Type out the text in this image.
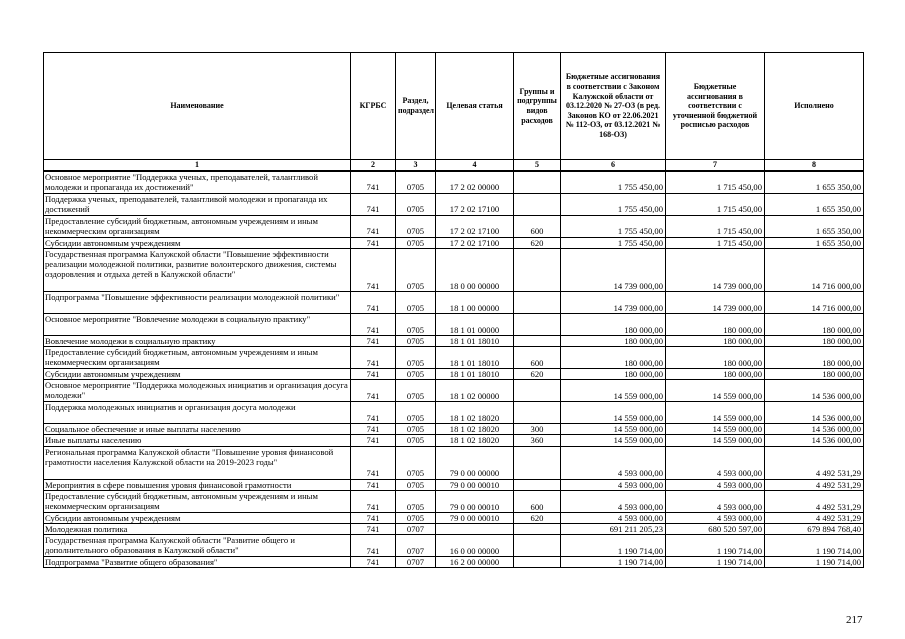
Наименование	КГРБС	Раздел, подраздел	Целевая статья	Группы и подгруппы видов расходов	Бюджетные ассигнования в соответствии с Законом Калужской области от 03.12.2020 № 27-ОЗ (в ред. Законов КО от 22.06.2021 № 112-ОЗ, от 03.12.2021 № 168-ОЗ)	Бюджетные ассигнования в соответствии с уточненной бюджетной росписью расходов	Исполнено
1	2	3	4	5	6	7	8
Основное мероприятие "Поддержка ученых, преподавателей, талантливой молодежи и пропаганда их достижений"	741	0705	17 2 02 00000		1 755 450,00	1 715 450,00	1 655 350,00
Поддержка ученых, преподавателей, талантливой молодежи и пропаганда их достижений	741	0705	17 2 02 17100		1 755 450,00	1 715 450,00	1 655 350,00
Предоставление субсидий бюджетным, автономным учреждениям и иным некоммерческим организациям	741	0705	17 2 02 17100	600	1 755 450,00	1 715 450,00	1 655 350,00
Субсидии автономным учреждениям	741	0705	17 2 02 17100	620	1 755 450,00	1 715 450,00	1 655 350,00
Государственная программа Калужской области "Повышение эффективности реализации молодежной политики, развитие волонтерского движения, системы оздоровления и отдыха детей в Калужской области"	741	0705	18 0 00 00000		14 739 000,00	14 739 000,00	14 716 000,00
Подпрограмма "Повышение эффективности реализации молодежной политики"	741	0705	18 1 00 00000		14 739 000,00	14 739 000,00	14 716 000,00
Основное мероприятие "Вовлечение молодежи в социальную практику"	741	0705	18 1 01 00000		180 000,00	180 000,00	180 000,00
Вовлечение молодежи в социальную практику	741	0705	18 1 01 18010		180 000,00	180 000,00	180 000,00
Предоставление субсидий бюджетным, автономным учреждениям и иным некоммерческим организациям	741	0705	18 1 01 18010	600	180 000,00	180 000,00	180 000,00
Субсидии автономным учреждениям	741	0705	18 1 01 18010	620	180 000,00	180 000,00	180 000,00
Основное мероприятие "Поддержка молодежных инициатив и организация досуга молодежи"	741	0705	18 1 02 00000		14 559 000,00	14 559 000,00	14 536 000,00
Поддержка молодежных инициатив и организация досуга молодежи	741	0705	18 1 02 18020		14 559 000,00	14 559 000,00	14 536 000,00
Социальное обеспечение и иные выплаты населению	741	0705	18 1 02 18020	300	14 559 000,00	14 559 000,00	14 536 000,00
Иные выплаты населению	741	0705	18 1 02 18020	360	14 559 000,00	14 559 000,00	14 536 000,00
Региональная программа Калужской области "Повышение уровня финансовой грамотности населения Калужской области на 2019-2023 годы"	741	0705	79 0 00 00000		4 593 000,00	4 593 000,00	4 492 531,29
Мероприятия в сфере повышения уровня финансовой грамотности	741	0705	79 0 00 00010		4 593 000,00	4 593 000,00	4 492 531,29
Предоставление субсидий бюджетным, автономным учреждениям и иным некоммерческим организациям	741	0705	79 0 00 00010	600	4 593 000,00	4 593 000,00	4 492 531,29
Субсидии автономным учреждениям	741	0705	79 0 00 00010	620	4 593 000,00	4 593 000,00	4 492 531,29
Молодежная политика	741	0707			691 211 205,23	680 520 597,00	679 894 768,40
Государственная программа Калужской области "Развитие общего и дополнительного образования в Калужской области"	741	0707	16 0 00 00000		1 190 714,00	1 190 714,00	1 190 714,00
Подпрограмма "Развитие общего образования"	741	0707	16 2 00 00000		1 190 714,00	1 190 714,00	1 190 714,00
217
